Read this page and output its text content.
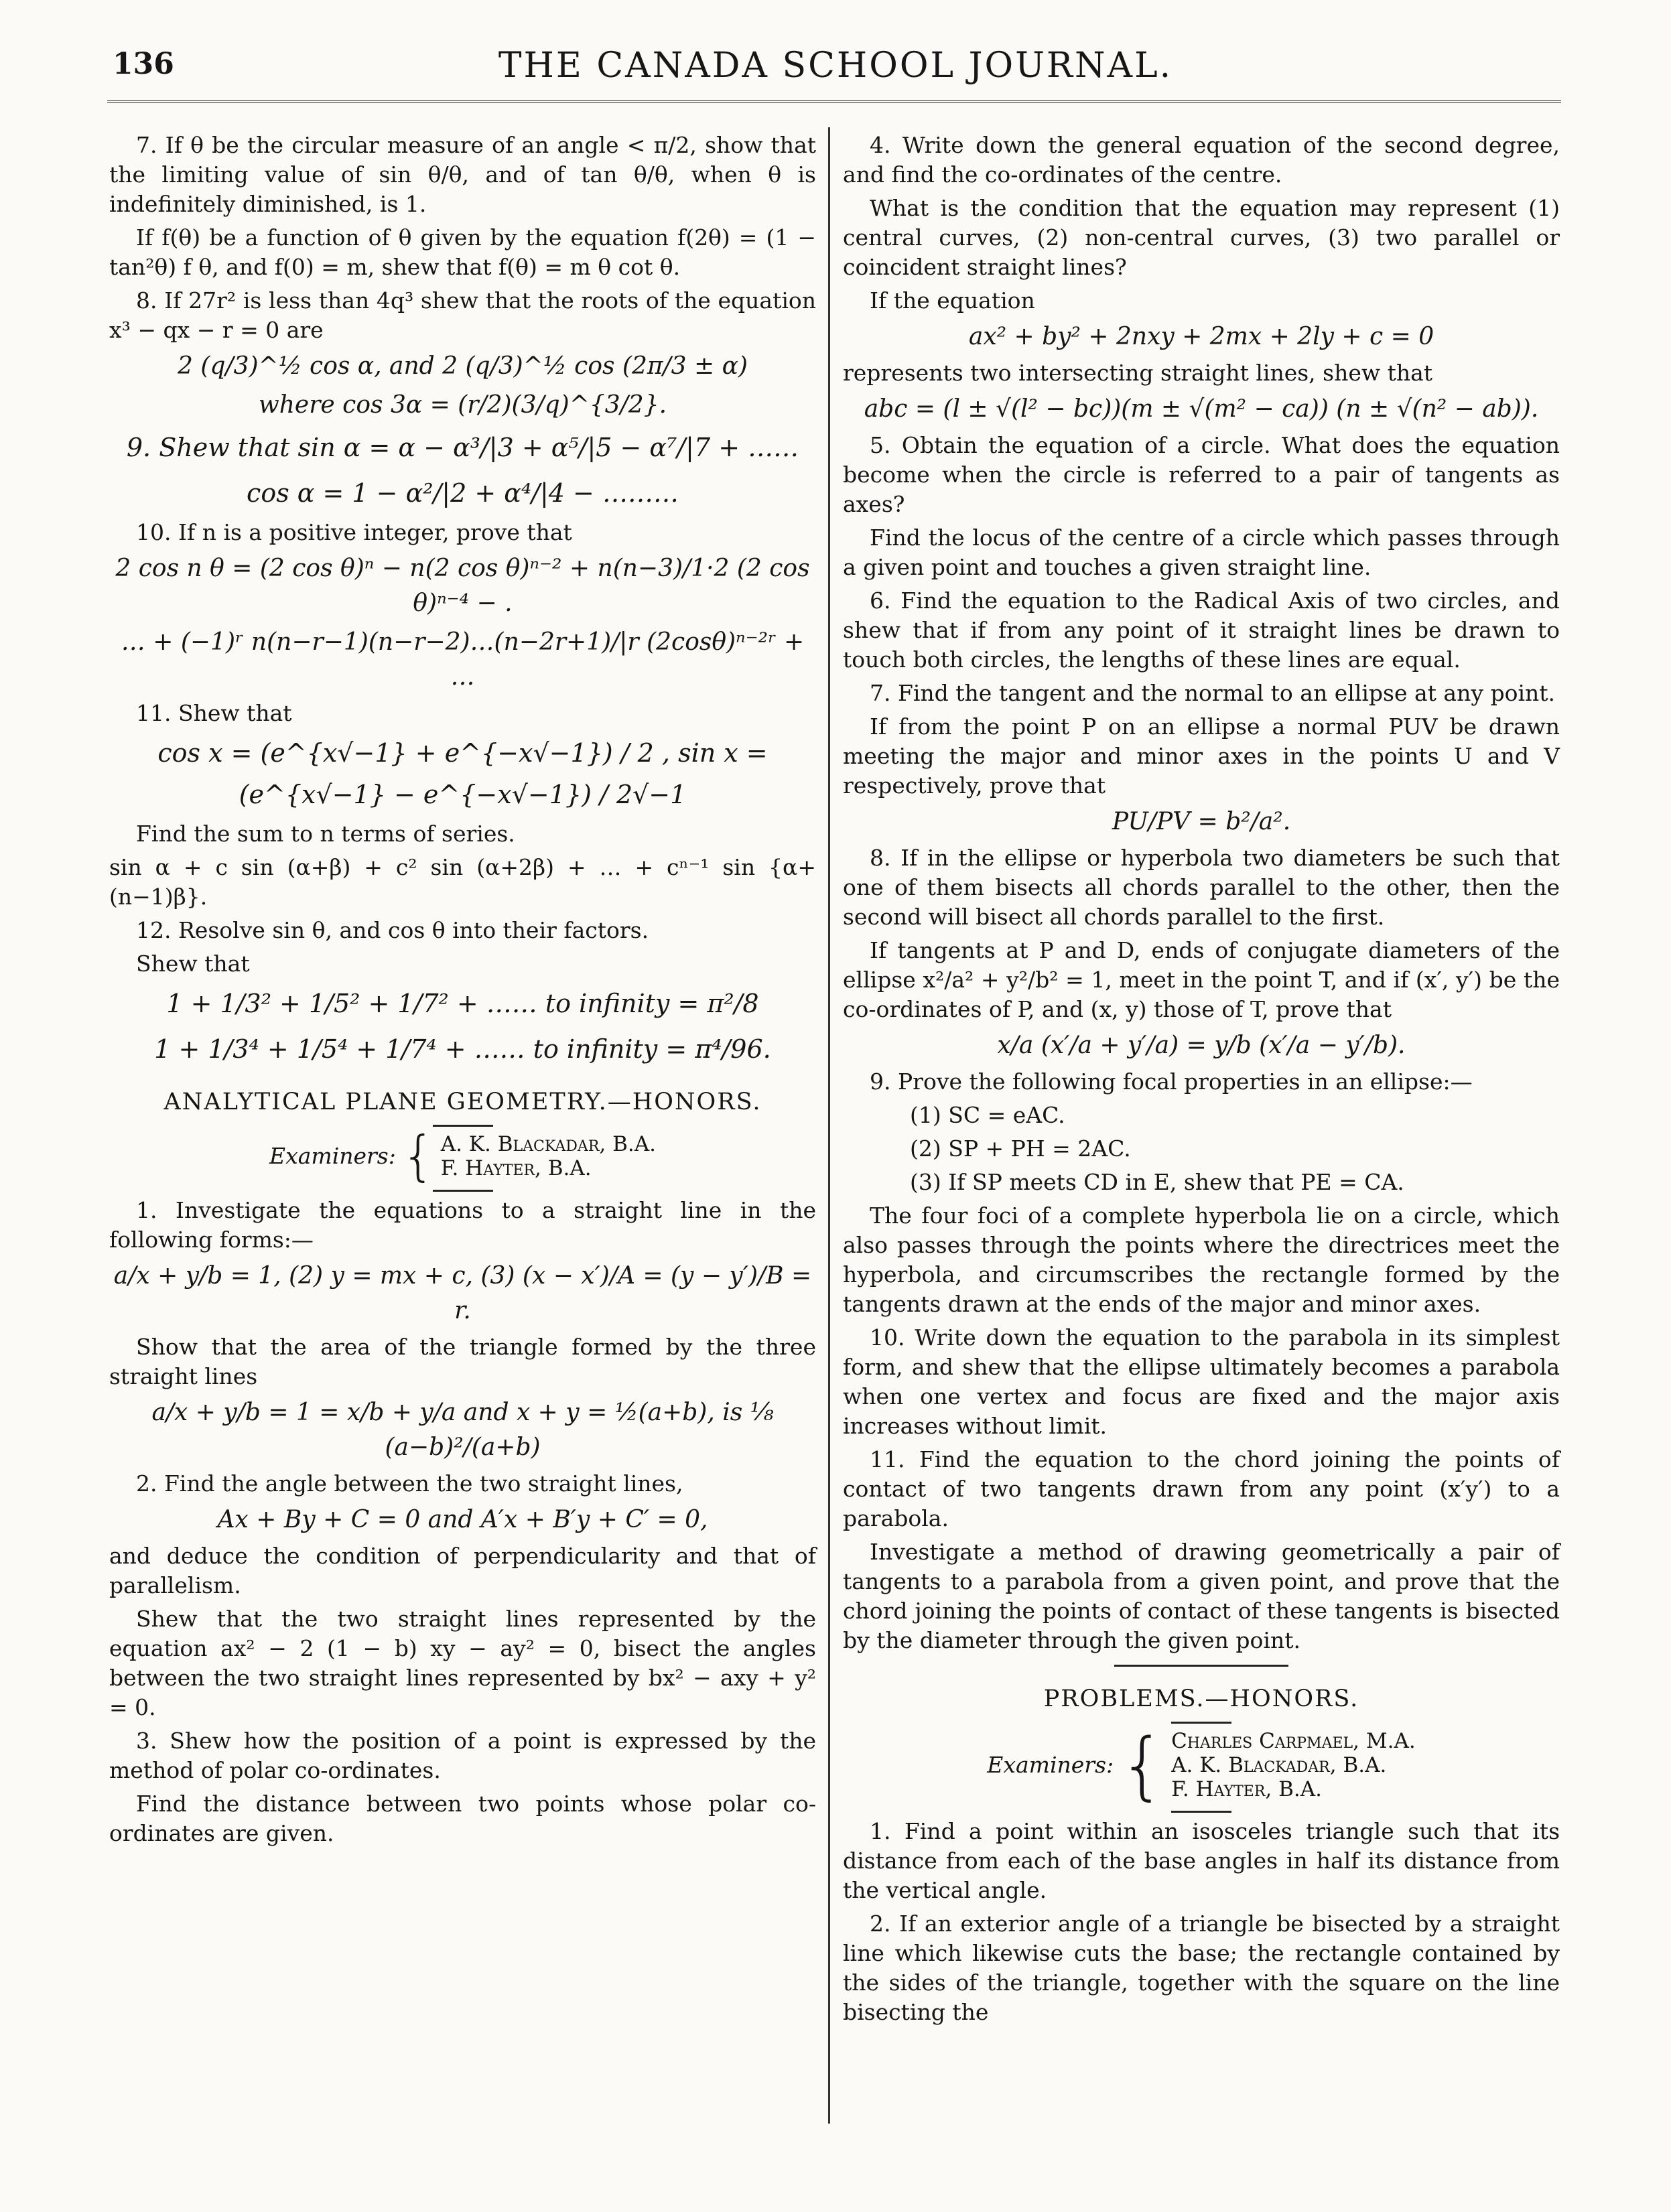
136	THE CANADA SCHOOL JOURNAL.

7. If θ be the circular measure of an angle < π/2, show that the limiting value of sin θ/θ, and of tan θ/θ, when θ is indefinitely diminished, is 1.

If f(θ) be a function of θ given by the equation f(2θ) = (1 − tan²θ) f θ, and f(0) = m, shew that f(θ) = m θ cot θ.

8. If 27r² is less than 4q³ shew that the roots of the equation x³ − qx − r = 0 are

2 (q/3)^½ cos α, and 2 (q/3)^½ cos (2π/3 ± α)

where cos 3α = (r/2)(3/q)^{3/2}.

9. Shew that sin α = α − α³/|3 + α⁵/|5 − α⁷/|7 + ……

cos α = 1 − α²/|2 + α⁴/|4 − ………

10. If n is a positive integer, prove that

2 cos n θ = (2 cos θ)ⁿ − n(2 cos θ)ⁿ⁻² + n(n−3)/1·2 (2 cos θ)ⁿ⁻⁴ − .

… + (−1)ʳ n(n−r−1)(n−r−2)…(n−2r+1)/|r (2cosθ)ⁿ⁻²ʳ + …

11. Shew that

cos x = (e^{x√−1} + e^{−x√−1}) / 2 , sin x = (e^{x√−1} − e^{−x√−1}) / 2√−1

Find the sum to n terms of series.

sin α + c sin (α+β) + c² sin (α+2β) + … + cⁿ⁻¹ sin {α+(n−1)β}.

12. Resolve sin θ, and cos θ into their factors.

Shew that

1 + 1/3² + 1/5² + 1/7² + …… to infinity = π²/8

1 + 1/3⁴ + 1/5⁴ + 1/7⁴ + …… to infinity = π⁴/96.

ANALYTICAL PLANE GEOMETRY.—HONORS.
Examiners: { A. K. Blackadar, B.A.
F. Hayter, B.A.

1. Investigate the equations to a straight line in the following forms:—

a/x + y/b = 1, (2) y = mx + c, (3) (x − x′)/A = (y − y′)/B = r.

Show that the area of the triangle formed by the three straight lines

a/x + y/b = 1 = x/b + y/a and x + y = ½(a+b), is ⅛ (a−b)²/(a+b)

2. Find the angle between the two straight lines,

Ax + By + C = 0 and A′x + B′y + C′ = 0,

and deduce the condition of perpendicularity and that of parallelism.

Shew that the two straight lines represented by the equation ax² − 2 (1 − b) xy − ay² = 0, bisect the angles between the two straight lines represented by bx² − axy + y² = 0.

3. Shew how the position of a point is expressed by the method of polar co-ordinates.

Find the distance between two points whose polar co-ordinates are given.

4. Write down the general equation of the second degree, and find the co-ordinates of the centre.

What is the condition that the equation may represent (1) central curves, (2) non-central curves, (3) two parallel or coincident straight lines?

If the equation

ax² + by² + 2nxy + 2mx + 2ly + c = 0

represents two intersecting straight lines, shew that

abc = (l ± √(l² − bc))(m ± √(m² − ca)) (n ± √(n² − ab)).

5. Obtain the equation of a circle. What does the equation become when the circle is referred to a pair of tangents as axes?

Find the locus of the centre of a circle which passes through a given point and touches a given straight line.

6. Find the equation to the Radical Axis of two circles, and shew that if from any point of it straight lines be drawn to touch both circles, the lengths of these lines are equal.

7. Find the tangent and the normal to an ellipse at any point.

If from the point P on an ellipse a normal PUV be drawn meeting the major and minor axes in the points U and V respectively, prove that

PU/PV = b²/a².

8. If in the ellipse or hyperbola two diameters be such that one of them bisects all chords parallel to the other, then the second will bisect all chords parallel to the first.

If tangents at P and D, ends of conjugate diameters of the ellipse x²/a² + y²/b² = 1, meet in the point T, and if (x′, y′) be the co-ordinates of P, and (x, y) those of T, prove that

x/a (x′/a + y′/a) = y/b (x′/a − y′/b).

9. Prove the following focal properties in an ellipse:—

(1) SC = eAC.

(2) SP + PH = 2AC.

(3) If SP meets CD in E, shew that PE = CA.

The four foci of a complete hyperbola lie on a circle, which also passes through the points where the directrices meet the hyperbola, and circumscribes the rectangle formed by the tangents drawn at the ends of the major and minor axes.

10. Write down the equation to the parabola in its simplest form, and shew that the ellipse ultimately becomes a parabola when one vertex and focus are fixed and the major axis increases without limit.

11. Find the equation to the chord joining the points of contact of two tangents drawn from any point (x′y′) to a parabola.

Investigate a method of drawing geometrically a pair of tangents to a parabola from a given point, and prove that the chord joining the points of contact of these tangents is bisected by the diameter through the given point.

PROBLEMS.—HONORS.
Examiners: { Charles Carpmael, M.A.
A. K. Blackadar, B.A.
F. Hayter, B.A.

1. Find a point within an isosceles triangle such that its distance from each of the base angles in half its distance from the vertical angle.

2. If an exterior angle of a triangle be bisected by a straight line which likewise cuts the base; the rectangle contained by the sides of the triangle, together with the square on the line bisecting the
